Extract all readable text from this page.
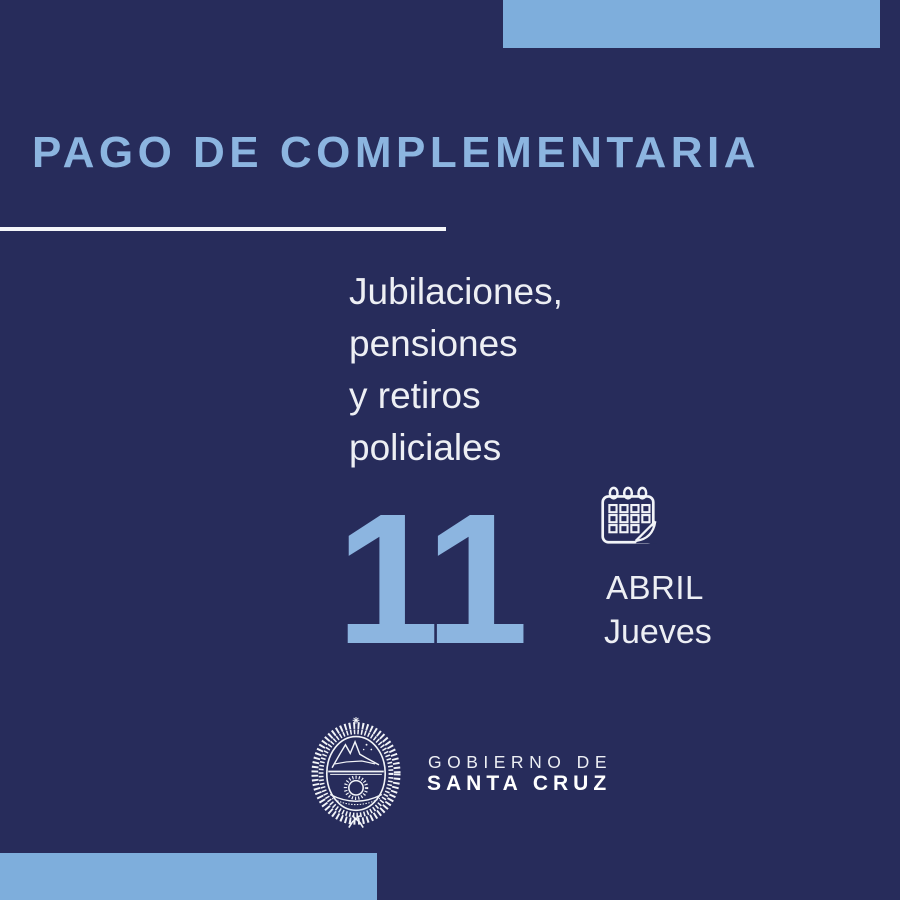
PAGO DE COMPLEMENTARIA
Jubilaciones,
pensiones
y retiros
policiales
11 ABRIL
Jueves
GOBIERNO DE
SANTA CRUZ
